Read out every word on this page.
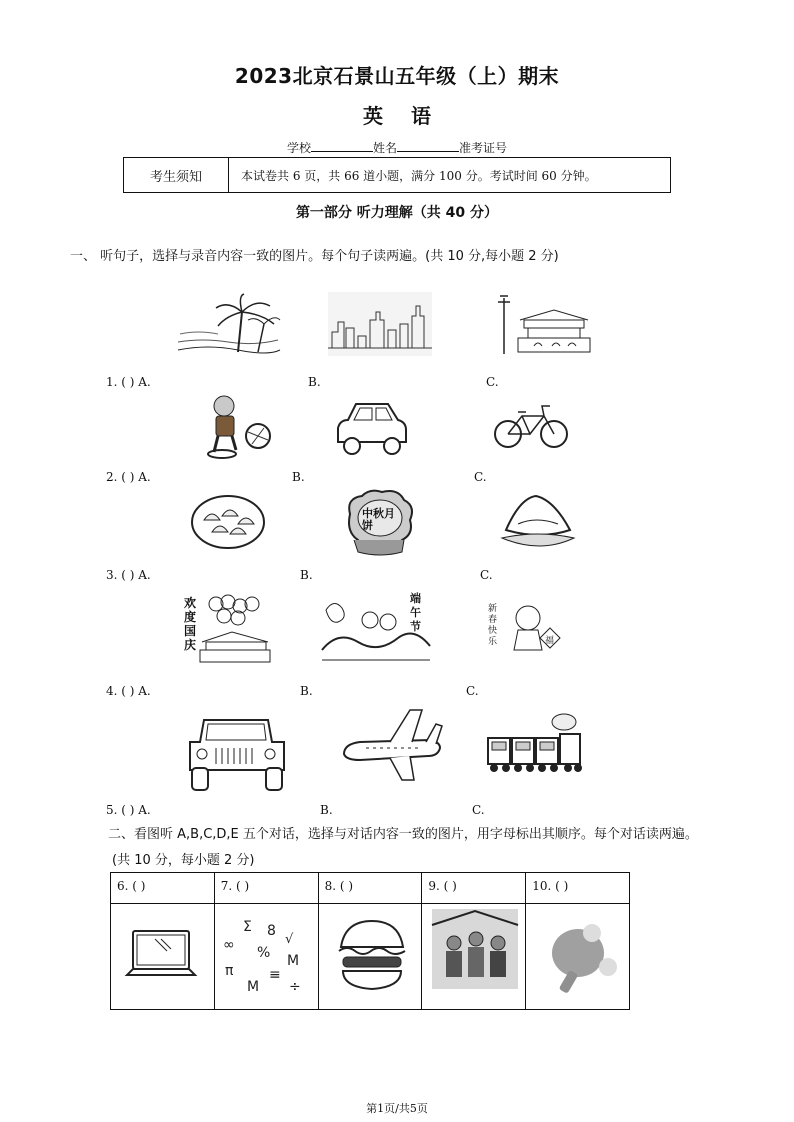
2023北京石景山五年级（上）期末
英语
学校	姓名	准考证号
考生须知	本试卷共 6 页，共 66 道小题，满分 100 分。考试时间 60 分钟。
第一部分 听力理解（共 40 分）
一、 听句子，选择与录音内容一致的图片。每个句子读两遍。(共 10 分,每小题 2 分)
1. ( ) A.	B.	C.
2. ( ) A.	B.	C.
中秋月饼
3. ( ) A.	B.	C.
欢度国庆
端午节
新春快乐	福
4. ( ) A.	B.	C.
5. ( ) A.	B.	C.
二、看图听 A,B,C,D,E 五个对话，选择与对话内容一致的图片，用字母标出其顺序。每个对话读两遍。
(共 10 分，每小题 2 分)
6. ( )	7. ( )	8. ( )	9. ( )	10. ( )
∞
Σ 8
√
% M
π
M
≡
÷
第1页/共5页
